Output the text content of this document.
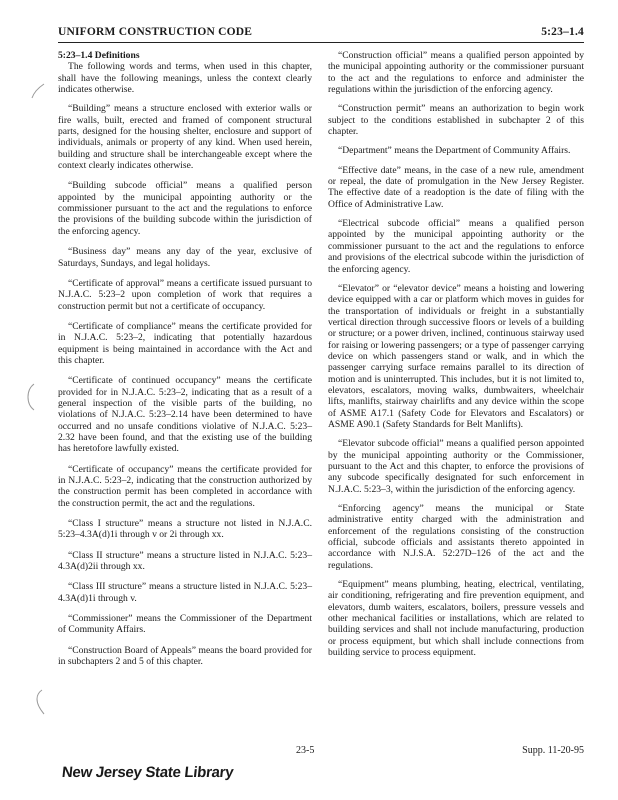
UNIFORM CONSTRUCTION CODE	5:23–1.4
5:23–1.4 Definitions

The following words and terms, when used in this chapter, shall have the following meanings, unless the context clearly indicates otherwise.

“Building” means a structure enclosed with exterior walls or fire walls, built, erected and framed of component structural parts, designed for the housing shelter, enclosure and support of individuals, animals or property of any kind. When used herein, building and structure shall be interchangeable except where the context clearly indicates otherwise.

“Building subcode official” means a qualified person appointed by the municipal appointing authority or the commissioner pursuant to the act and the regulations to enforce the provisions of the building subcode within the jurisdiction of the enforcing agency.

“Business day” means any day of the year, exclusive of Saturdays, Sundays, and legal holidays.

“Certificate of approval” means a certificate issued pursuant to N.J.A.C. 5:23–2 upon completion of work that requires a construction permit but not a certificate of occupancy.

“Certificate of compliance” means the certificate provided for in N.J.A.C. 5:23–2, indicating that potentially hazardous equipment is being maintained in accordance with the Act and this chapter.

“Certificate of continued occupancy” means the certificate provided for in N.J.A.C. 5:23–2, indicating that as a result of a general inspection of the visible parts of the building, no violations of N.J.A.C. 5:23–2.14 have been determined to have occurred and no unsafe conditions violative of N.J.A.C. 5:23–2.32 have been found, and that the existing use of the building has heretofore lawfully existed.

“Certificate of occupancy” means the certificate provided for in N.J.A.C. 5:23–2, indicating that the construction authorized by the construction permit has been completed in accordance with the construction permit, the act and the regulations.

“Class I structure” means a structure not listed in N.J.A.C. 5:23–4.3A(d)1i through v or 2i through xx.

“Class II structure” means a structure listed in N.J.A.C. 5:23–4.3A(d)2ii through xx.

“Class III structure” means a structure listed in N.J.A.C. 5:23–4.3A(d)1i through v.

“Commissioner” means the Commissioner of the Department of Community Affairs.

“Construction Board of Appeals” means the board provided for in subchapters 2 and 5 of this chapter.

“Construction official” means a qualified person appointed by the municipal appointing authority or the commissioner pursuant to the act and the regulations to enforce and administer the regulations within the jurisdiction of the enforcing agency.

“Construction permit” means an authorization to begin work subject to the conditions established in subchapter 2 of this chapter.

“Department” means the Department of Community Affairs.

“Effective date” means, in the case of a new rule, amendment or repeal, the date of promulgation in the New Jersey Register. The effective date of a readoption is the date of filing with the Office of Administrative Law.

“Electrical subcode official” means a qualified person appointed by the municipal appointing authority or the commissioner pursuant to the act and the regulations to enforce and provisions of the electrical subcode within the jurisdiction of the enforcing agency.

“Elevator” or “elevator device” means a hoisting and lowering device equipped with a car or platform which moves in guides for the transportation of individuals or freight in a substantially vertical direction through successive floors or levels of a building or structure; or a power driven, inclined, continuous stairway used for raising or lowering passengers; or a type of passenger carrying device on which passengers stand or walk, and in which the passenger carrying surface remains parallel to its direction of motion and is uninterrupted. This includes, but it is not limited to, elevators, escalators, moving walks, dumbwaiters, wheelchair lifts, manlifts, stairway chairlifts and any device within the scope of ASME A17.1 (Safety Code for Elevators and Escalators) or ASME A90.1 (Safety Standards for Belt Manlifts).

“Elevator subcode official” means a qualified person appointed by the municipal appointing authority or the Commissioner, pursuant to the Act and this chapter, to enforce the provisions of any subcode specifically designated for such enforcement in N.J.A.C. 5:23–3, within the jurisdiction of the enforcing agency.

“Enforcing agency” means the municipal or State administrative entity charged with the administration and enforcement of the regulations consisting of the construction official, subcode officials and assistants thereto appointed in accordance with N.J.S.A. 52:27D–126 of the act and the regulations.

“Equipment” means plumbing, heating, electrical, ventilating, air conditioning, refrigerating and fire prevention equipment, and elevators, dumb waiters, escalators, boilers, pressure vessels and other mechanical facilities or installations, which are related to building services and shall not include manufacturing, production or process equipment, but which shall include connections from building service to process equipment.

23-5	Supp. 11-20-95
New Jersey State Library
